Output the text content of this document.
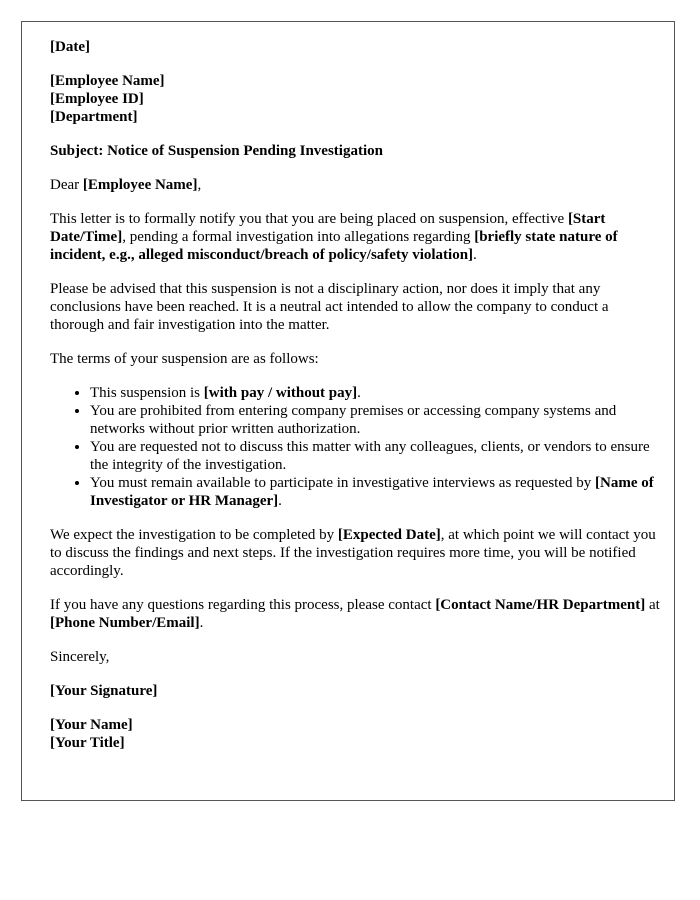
[Date]
[Employee Name]
[Employee ID]
[Department]
Subject: Notice of Suspension Pending Investigation
Dear [Employee Name],
This letter is to formally notify you that you are being placed on suspension, effective [Start Date/Time], pending a formal investigation into allegations regarding [briefly state nature of incident, e.g., alleged misconduct/breach of policy/safety violation].
Please be advised that this suspension is not a disciplinary action, nor does it imply that any conclusions have been reached. It is a neutral act intended to allow the company to conduct a thorough and fair investigation into the matter.
The terms of your suspension are as follows:
• This suspension is [with pay / without pay].
• You are prohibited from entering company premises or accessing company systems and networks without prior written authorization.
• You are requested not to discuss this matter with any colleagues, clients, or vendors to ensure the integrity of the investigation.
• You must remain available to participate in investigative interviews as requested by [Name of Investigator or HR Manager].
We expect the investigation to be completed by [Expected Date], at which point we will contact you to discuss the findings and next steps. If the investigation requires more time, you will be notified accordingly.
If you have any questions regarding this process, please contact [Contact Name/HR Department] at [Phone Number/Email].
Sincerely,
[Your Signature]
[Your Name]
[Your Title]
